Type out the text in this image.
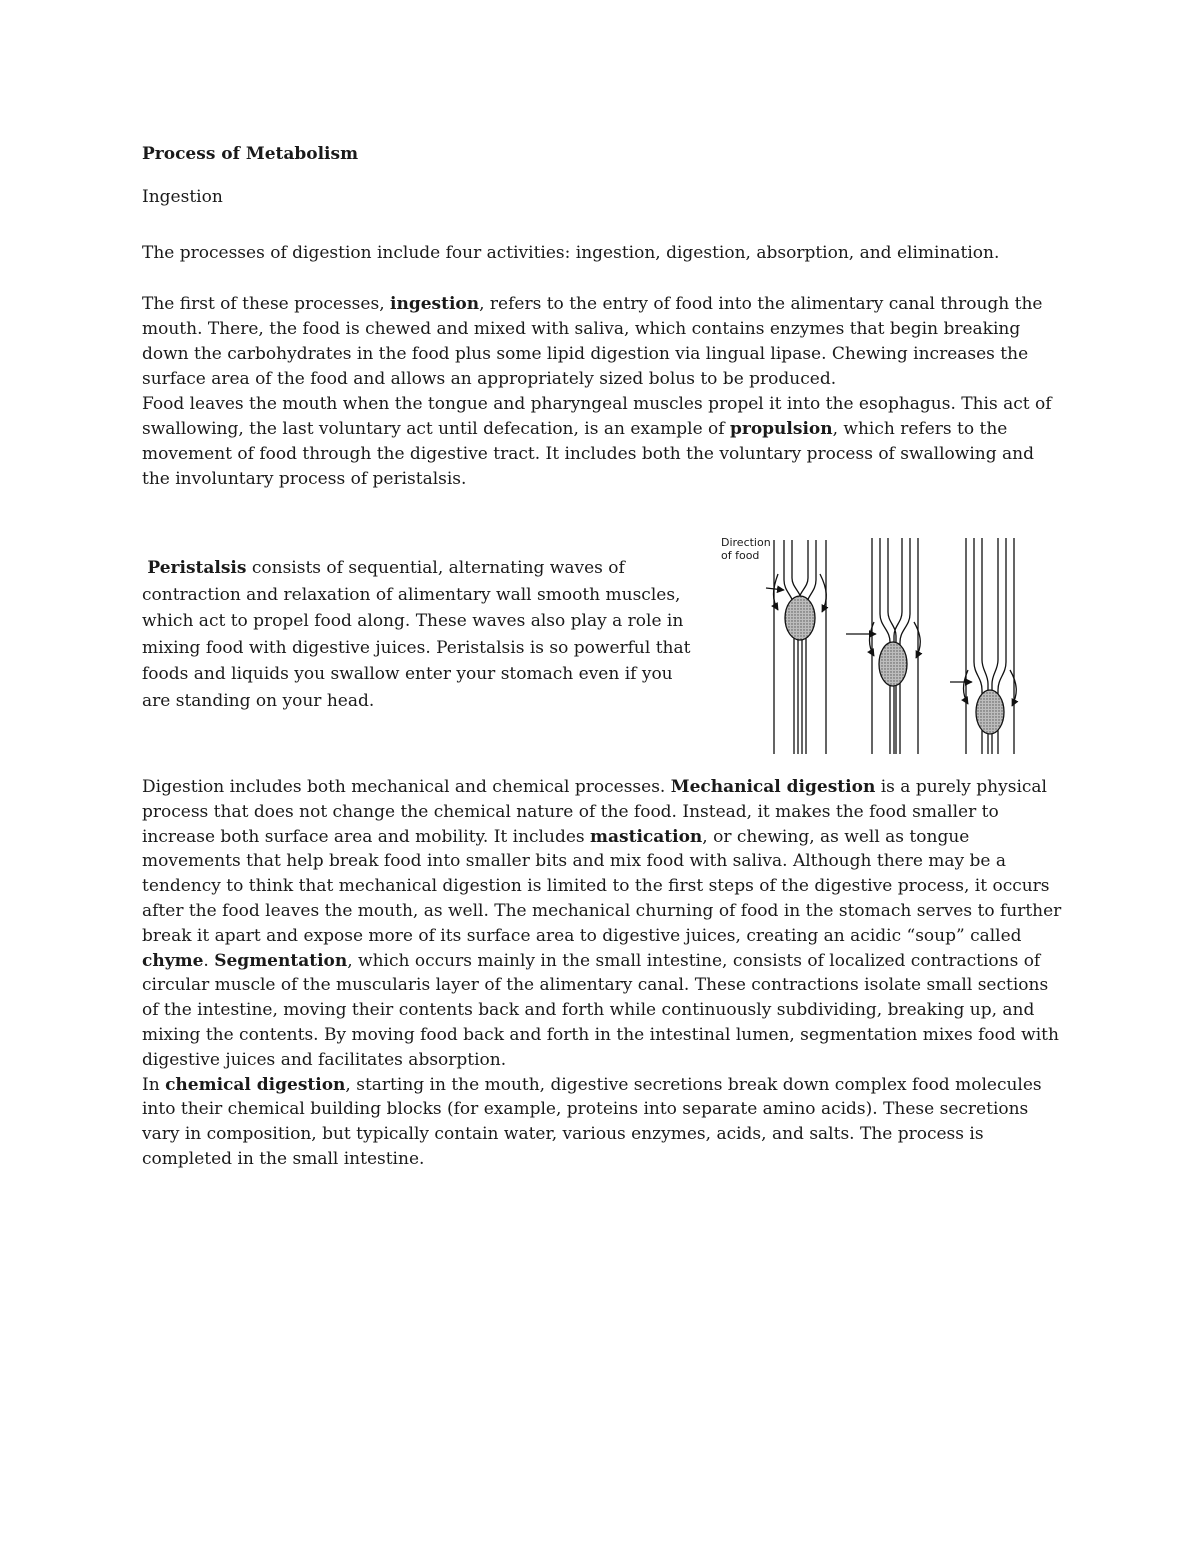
Process of Metabolism
Ingestion

The processes of digestion include four activities: ingestion, digestion, absorption, and elimination.

The first of these processes, ingestion, refers to the entry of food into the alimentary canal through the mouth. There, the food is chewed and mixed with saliva, which contains enzymes that begin breaking down the carbohydrates in the food plus some lipid digestion via lingual lipase. Chewing increases the surface area of the food and allows an appropriately sized bolus to be produced.
Food leaves the mouth when the tongue and pharyngeal muscles propel it into the esophagus. This act of swallowing, the last voluntary act until defecation, is an example of propulsion, which refers to the movement of food through the digestive tract. It includes both the voluntary process of swallowing and the involuntary process of peristalsis.

Peristalsis consists of sequential, alternating waves of contraction and relaxation of alimentary wall smooth muscles, which act to propel food along. These waves also play a role in mixing food with digestive juices. Peristalsis is so powerful that foods and liquids you swallow enter your stomach even if you are standing on your head.

Digestion includes both mechanical and chemical processes. Mechanical digestion is a purely physical process that does not change the chemical nature of the food. Instead, it makes the food smaller to increase both surface area and mobility. It includes mastication, or chewing, as well as tongue movements that help break food into smaller bits and mix food with saliva. Although there may be a tendency to think that mechanical digestion is limited to the first steps of the digestive process, it occurs after the food leaves the mouth, as well. The mechanical churning of food in the stomach serves to further break it apart and expose more of its surface area to digestive juices, creating an acidic “soup” called chyme. Segmentation, which occurs mainly in the small intestine, consists of localized contractions of circular muscle of the muscularis layer of the alimentary canal. These contractions isolate small sections of the intestine, moving their contents back and forth while continuously subdividing, breaking up, and mixing the contents. By moving food back and forth in the intestinal lumen, segmentation mixes food with digestive juices and facilitates absorption.
In chemical digestion, starting in the mouth, digestive secretions break down complex food molecules into their chemical building blocks (for example, proteins into separate amino acids). These secretions vary in composition, but typically contain water, various enzymes, acids, and salts. The process is completed in the small intestine.

Direction
of food
